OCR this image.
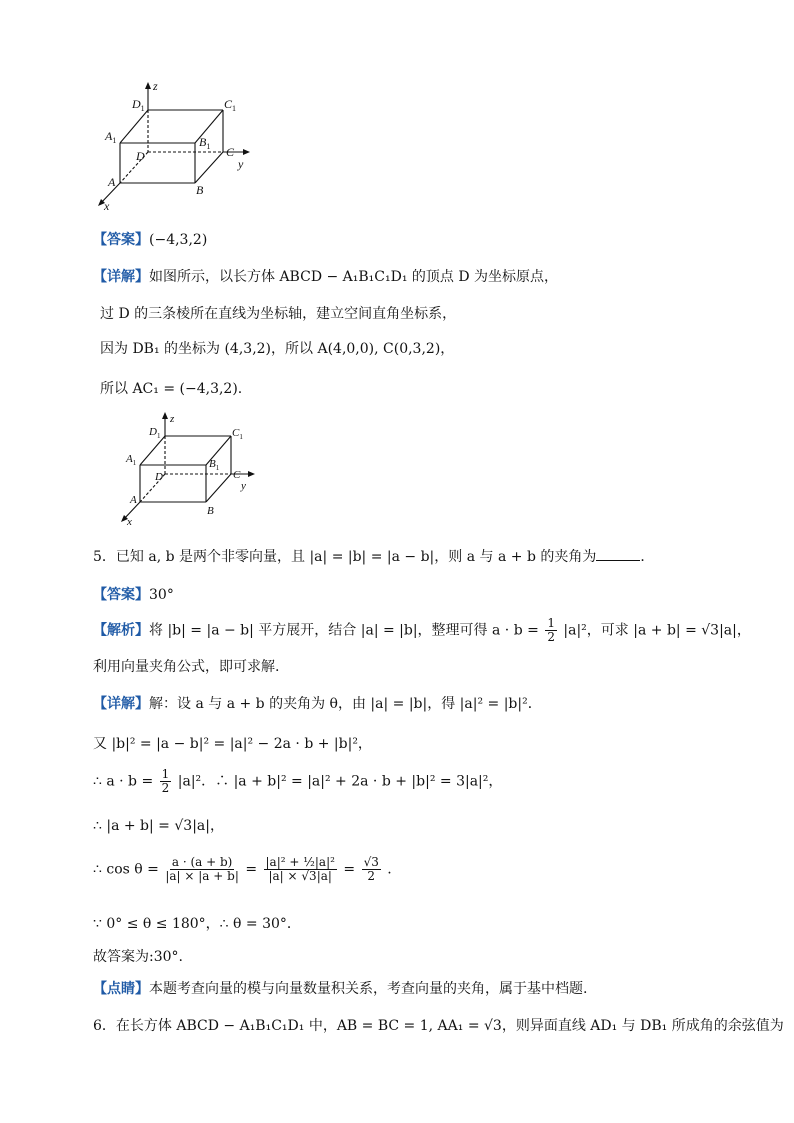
z
y
x
$D_1$	$C_1$
$A_1$	$B_1$
D	C
A
B
【答案】(−4,3,2)
【详解】如图所示，以长方体 ABCD − A₁B₁C₁D₁ 的顶点 D 为坐标原点，
过 D 的三条棱所在直线为坐标轴，建立空间直角坐标系，
因为 DB₁ 的坐标为 (4,3,2)，所以 A(4,0,0), C(0,3,2)，
所以 AC₁ = (−4,3,2).
z
y
x
$D_1$	$C_1$
$A_1$	$B_1$
D	C
A
B
5．已知 a, b 是两个非零向量，且 |a| = |b| = |a − b|，则 a 与 a + b 的夹角为	．
【答案】30°
【解析】将 |b| = |a − b| 平方展开，结合 |a| = |b|，整理可得 $a \cdot b = \frac{1}{2} |a|^2$，可求 |a + b| = √3|a|，
利用向量夹角公式，即可求解.
【详解】解：设 a 与 a + b 的夹角为 θ，由 |a| = |b|，得 |a|² = |b|²．
又 |b|² = |a − b|² = |a|² − 2a · b + |b|²，
∴ $a \cdot b = \frac{1}{2} |a|^2$．∴ |a + b|² = |a|² + 2a · b + |b|² = 3|a|²，
∴ |a + b| = √3|a|，
∴ $\cos \theta = \frac{a \cdot (a + b)}{|a| \times |a + b|} = \frac{\text{|a|² + ½|a|²}}{|a| \times √3|a|} = \frac{√3}{2}$ .
∵ 0° ≤ θ ≤ 180°，∴ θ = 30°．
故答案为:30°.
【点睛】本题考查向量的模与向量数量积关系，考查向量的夹角，属于基中档题.
6．在长方体 ABCD − A₁B₁C₁D₁ 中，AB = BC = 1, AA₁ = √3，则异面直线 AD₁ 与 DB₁ 所成角的余弦值为
